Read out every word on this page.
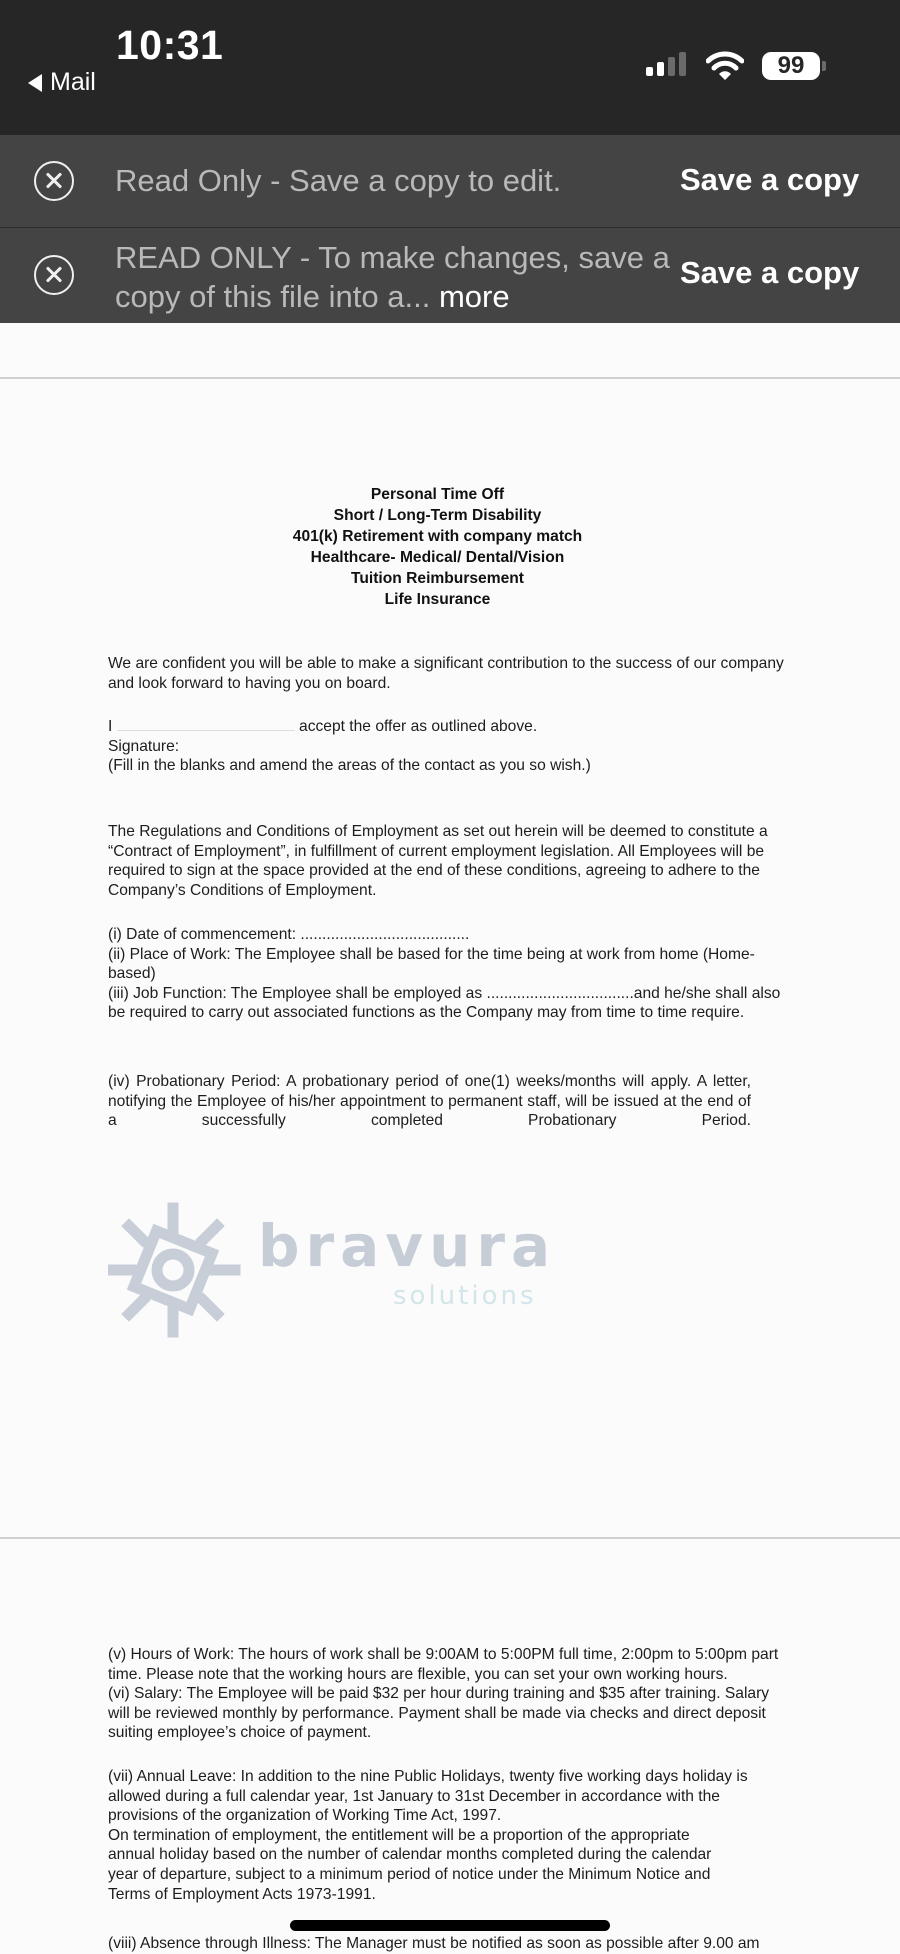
10:31
Mail
99
Read Only - Save a copy to edit.	Save a copy
READ ONLY - To make changes, save a copy of this file into a... more
Save a copy
Personal Time Off
Short / Long-Term Disability
401(k) Retirement with company match
Healthcare- Medical/ Dental/Vision
Tuition Reimbursement
Life Insurance

We are confident you will be able to make a significant contribution to the success of our company and look forward to having you on board.

I	accept the offer as outlined above.

Signature:

(Fill in the blanks and amend the areas of the contact as you so wish.)

The Regulations and Conditions of Employment as set out herein will be deemed to constitute a “Contract of Employment”, in fulfillment of current employment legislation. All Employees will be required to sign at the space provided at the end of these conditions, agreeing to adhere to the Company’s Conditions of Employment.

(i) Date of commencement: .......................................

(ii) Place of Work: The Employee shall be based for the time being at work from home (Home-based)

(iii) Job Function: The Employee shall be employed as ..................................and he/she shall also be required to carry out associated functions as the Company may from time to time require.

(iv) Probationary Period: A probationary period of one(1) weeks/months will apply. A letter, notifying the Employee of his/her appointment to permanent staff, will be issued at the end of a successfully completed Probationary Period.

bravura
solutions

(v) Hours of Work: The hours of work shall be 9:00AM to 5:00PM full time, 2:00pm to 5:00pm part time. Please note that the working hours are flexible, you can set your own working hours.

(vi) Salary: The Employee will be paid $32 per hour during training and $35 after training. Salary will be reviewed monthly by performance. Payment shall be made via checks and direct deposit suiting employee’s choice of payment.

(vii) Annual Leave: In addition to the nine Public Holidays, twenty five working days holiday is allowed during a full calendar year, 1st January to 31st December in accordance with the provisions of the organization of Working Time Act, 1997.

On termination of employment, the entitlement will be a proportion of the appropriate annual holiday based on the number of calendar months completed during the calendar year of departure, subject to a minimum period of notice under the Minimum Notice and Terms of Employment Acts 1973-1991.

(viii) Absence through Illness: The Manager must be notified as soon as possible after 9.00 am
